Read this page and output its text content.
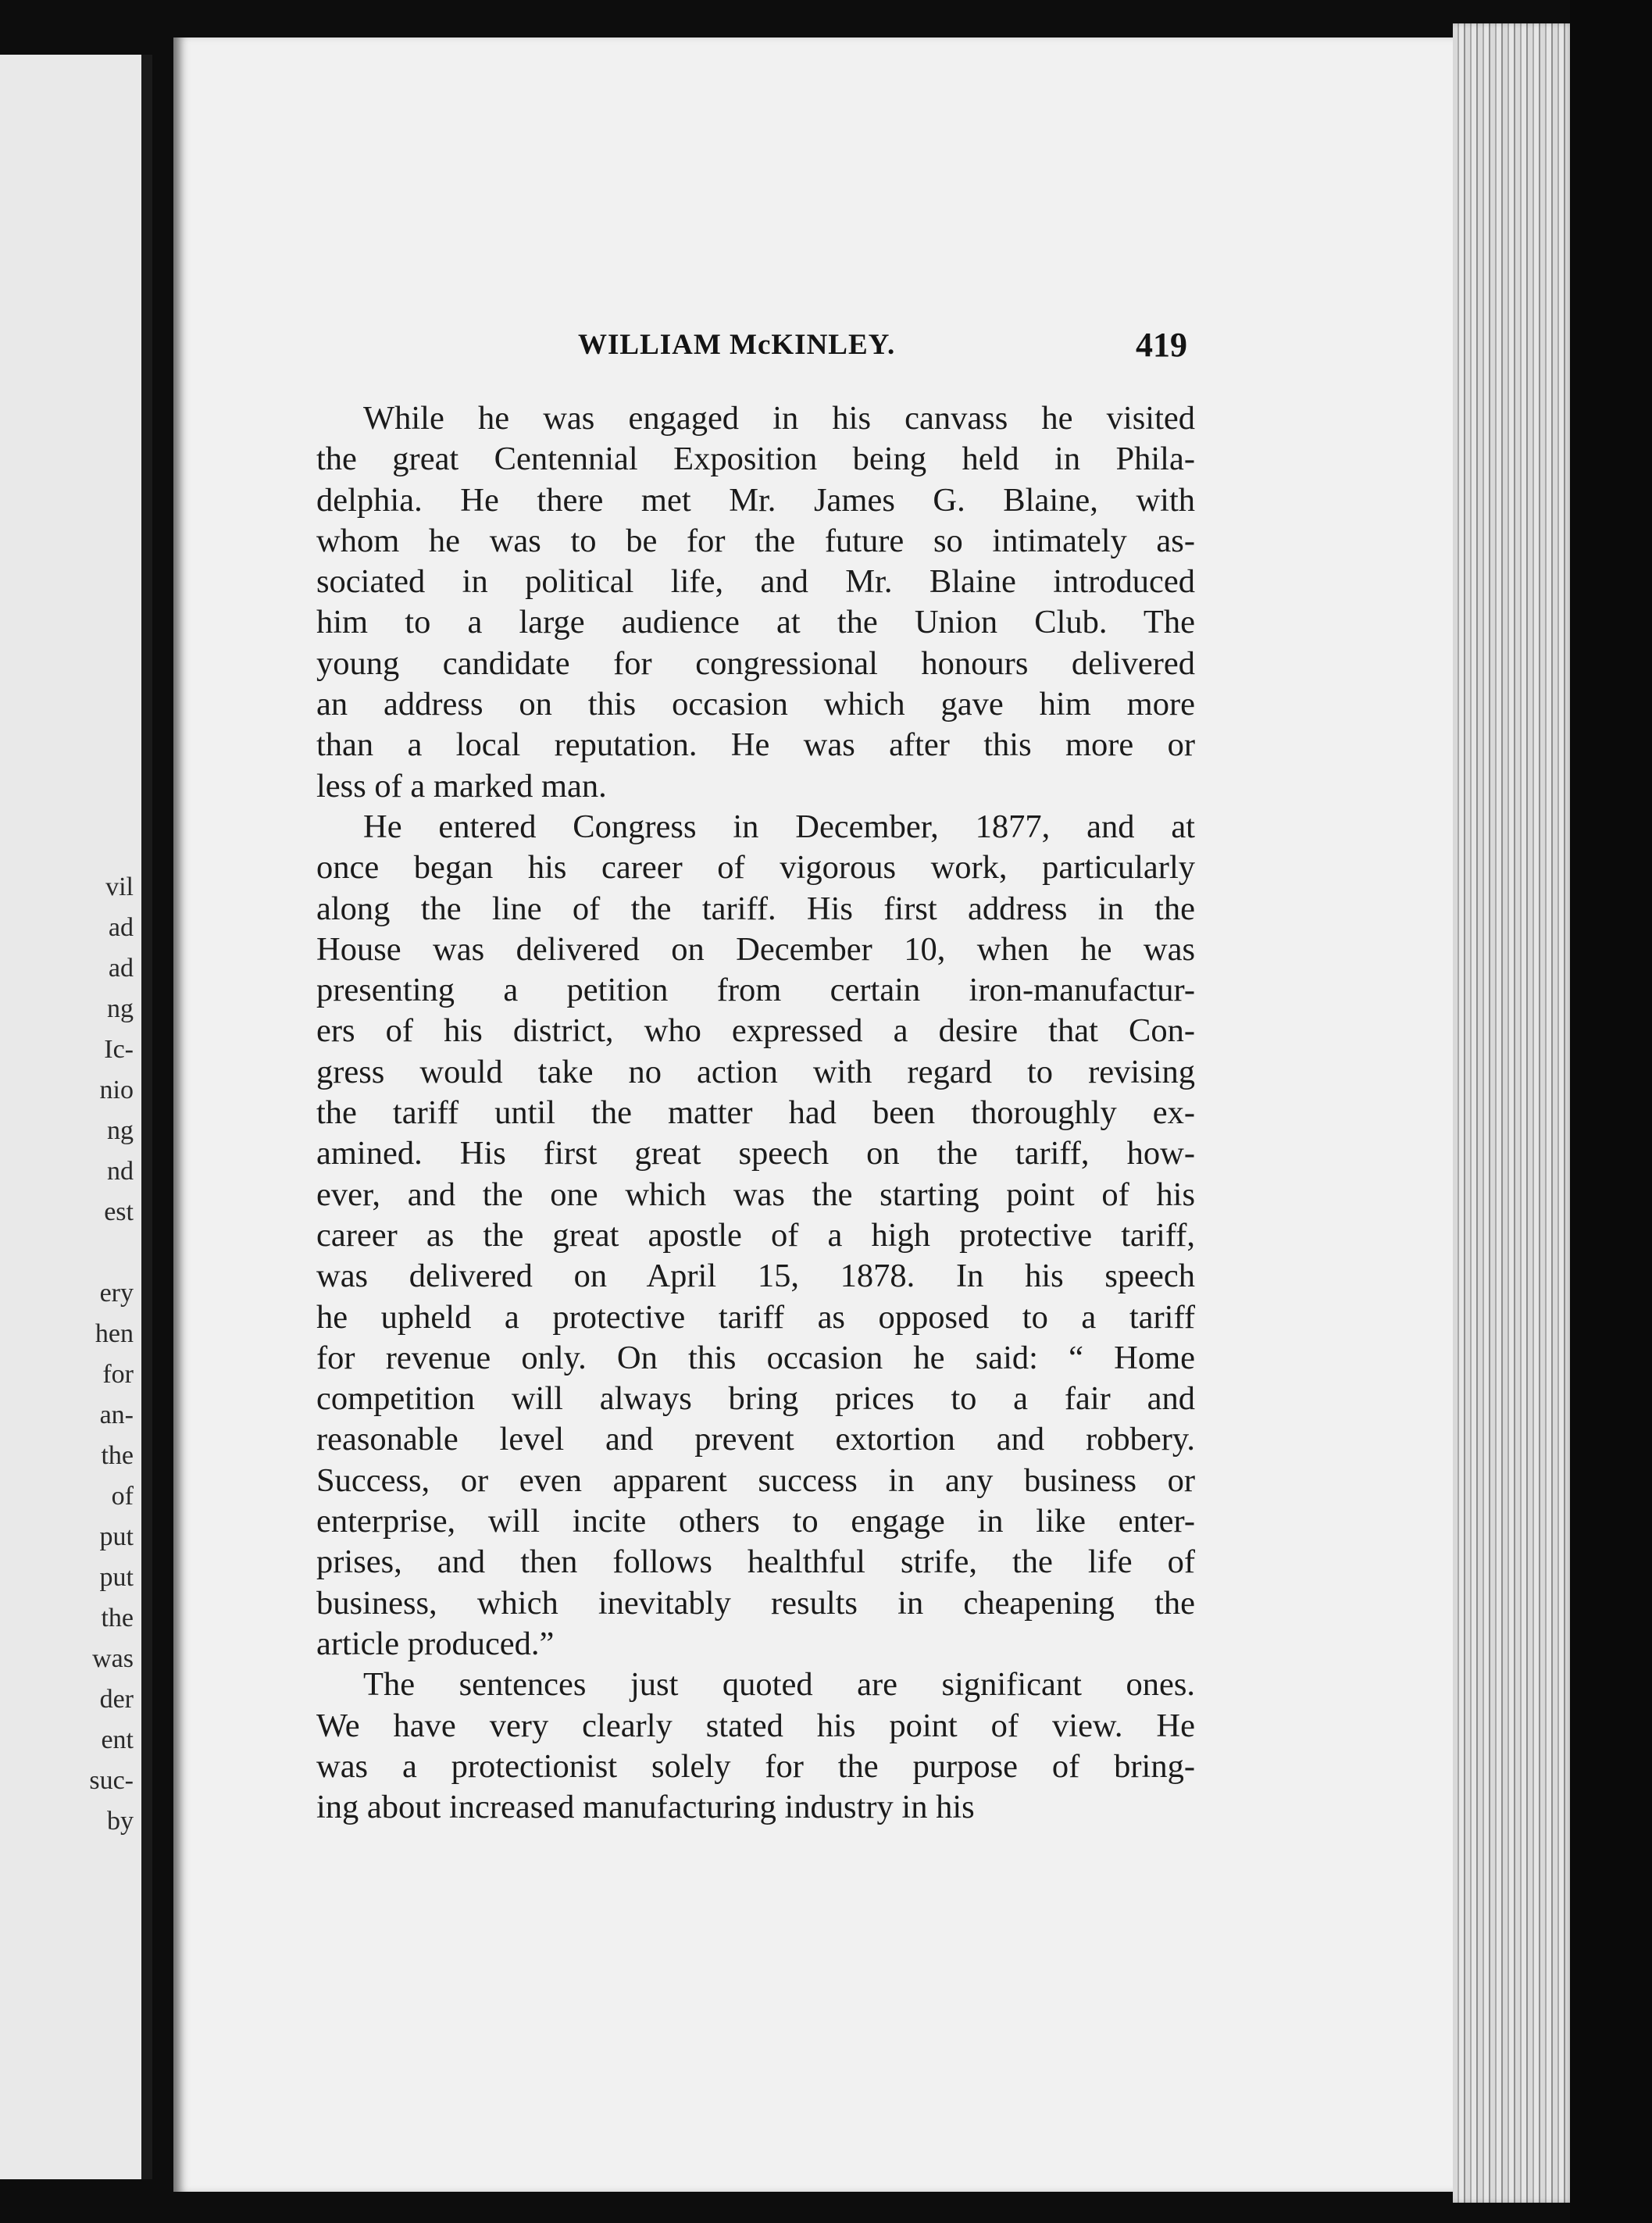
vil
ad
ad
ng
Ic-
nio
ng
nd
est
ery
hen
for
an-
the
of
put
put
the
was
der
ent
suc-
by
WILLIAM McKINLEY.	419
While he was engaged in his canvass he visited
the great Centennial Exposition being held in Phila-
delphia. He there met Mr. James G. Blaine, with
whom he was to be for the future so intimately as-
sociated in political life, and Mr. Blaine introduced
him to a large audience at the Union Club. The
young candidate for congressional honours delivered
an address on this occasion which gave him more
than a local reputation. He was after this more or
less of a marked man.
He entered Congress in December, 1877, and at
once began his career of vigorous work, particularly
along the line of the tariff. His first address in the
House was delivered on December 10, when he was
presenting a petition from certain iron-manufactur-
ers of his district, who expressed a desire that Con-
gress would take no action with regard to revising
the tariff until the matter had been thoroughly ex-
amined. His first great speech on the tariff, how-
ever, and the one which was the starting point of his
career as the great apostle of a high protective tariff,
was delivered on April 15, 1878. In his speech
he upheld a protective tariff as opposed to a tariff
for revenue only. On this occasion he said: “ Home
competition will always bring prices to a fair and
reasonable level and prevent extortion and robbery.
Success, or even apparent success in any business or
enterprise, will incite others to engage in like enter-
prises, and then follows healthful strife, the life of
business, which inevitably results in cheapening the
article produced.”
The sentences just quoted are significant ones.
We have very clearly stated his point of view. He
was a protectionist solely for the purpose of bring-
ing about increased manufacturing industry in his
